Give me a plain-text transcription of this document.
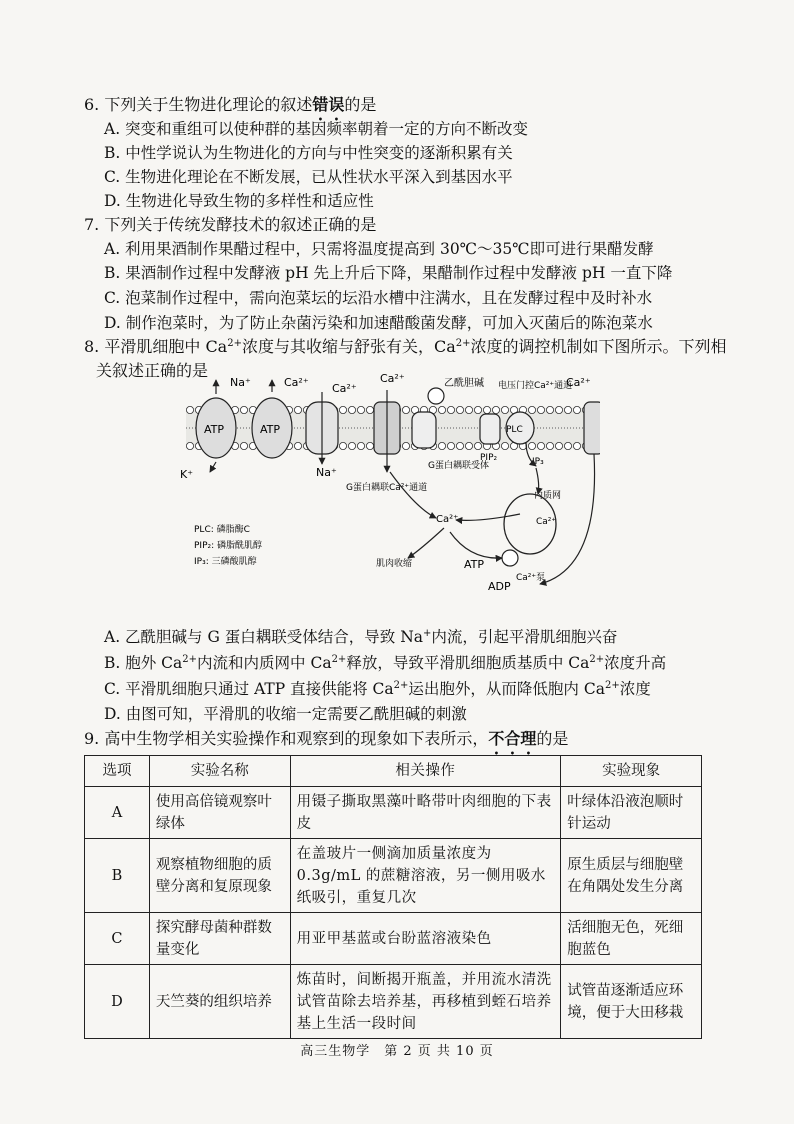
6. 下列关于生物进化理论的叙述错误的是
A. 突变和重组可以使种群的基因频率朝着一定的方向不断改变
B. 中性学说认为生物进化的方向与中性突变的逐渐积累有关
C. 生物进化理论在不断发展，已从性状水平深入到基因水平
D. 生物进化导致生物的多样性和适应性
7. 下列关于传统发酵技术的叙述正确的是
A. 利用果酒制作果醋过程中，只需将温度提高到 30℃～35℃即可进行果醋发酵
B. 果酒制作过程中发酵液 pH 先上升后下降，果醋制作过程中发酵液 pH 一直下降
C. 泡菜制作过程中，需向泡菜坛的坛沿水槽中注满水，且在发酵过程中及时补水
D. 制作泡菜时，为了防止杂菌污染和加速醋酸菌发酵，可加入灭菌后的陈泡菜水
8. 平滑肌细胞中 $Ca^{2+}$浓度与其收缩与舒张有关，$Ca^{2+}$浓度的调控机制如下图所示。下列相
关叙述正确的是
ATP	ATP
Na⁺	Ca²⁺ Ca²⁺
Ca²⁺	乙酰胆碱 电压门控Ca²⁺通道
Ca²⁺
PLC
K⁺	Na⁺
PIP₂	IP₃
G蛋白耦联受体
G蛋白耦联Ca²⁺通道
内质网
Ca²⁺	Ca²⁺
肌肉收缩	ATP
Ca²⁺泵
ADP
PLC: 磷脂酶C
PIP₂: 磷脂酰肌醇
IP₃: 三磷酸肌醇
A. 乙酰胆碱与 G 蛋白耦联受体结合，导致 Na+内流，引起平滑肌细胞兴奋
B. 胞外 $Ca^{2+}$内流和内质网中 $Ca^{2+}$释放，导致平滑肌细胞质基质中 $Ca^{2+}$浓度升高
C. 平滑肌细胞只通过 ATP 直接供能将 $Ca^{2+}$运出胞外，从而降低胞内 $Ca^{2+}$浓度
D. 由图可知，平滑肌的收缩一定需要乙酰胆碱的刺激
9. 高中生物学相关实验操作和观察到的现象如下表所示，不合理的是
选项	实验名称	相关操作	实验现象
A	使用高倍镜观察叶绿体	用镊子撕取黑藻叶略带叶肉细胞的下表皮	叶绿体沿液泡顺时针运动
B	观察植物细胞的质壁分离和复原现象	在盖玻片一侧滴加质量浓度为0.3g/mL 的蔗糖溶液，另一侧用吸水纸吸引，重复几次	原生质层与细胞壁在角隅处发生分离
C	探究酵母菌种群数量变化	用亚甲基蓝或台盼蓝溶液染色	活细胞无色，死细胞蓝色
D	天竺葵的组织培养	炼苗时，间断揭开瓶盖，并用流水清洗试管苗除去培养基，再移植到蛭石培养基上生活一段时间	试管苗逐渐适应环境，便于大田移栽
高三生物学　第 2 页 共 10 页
